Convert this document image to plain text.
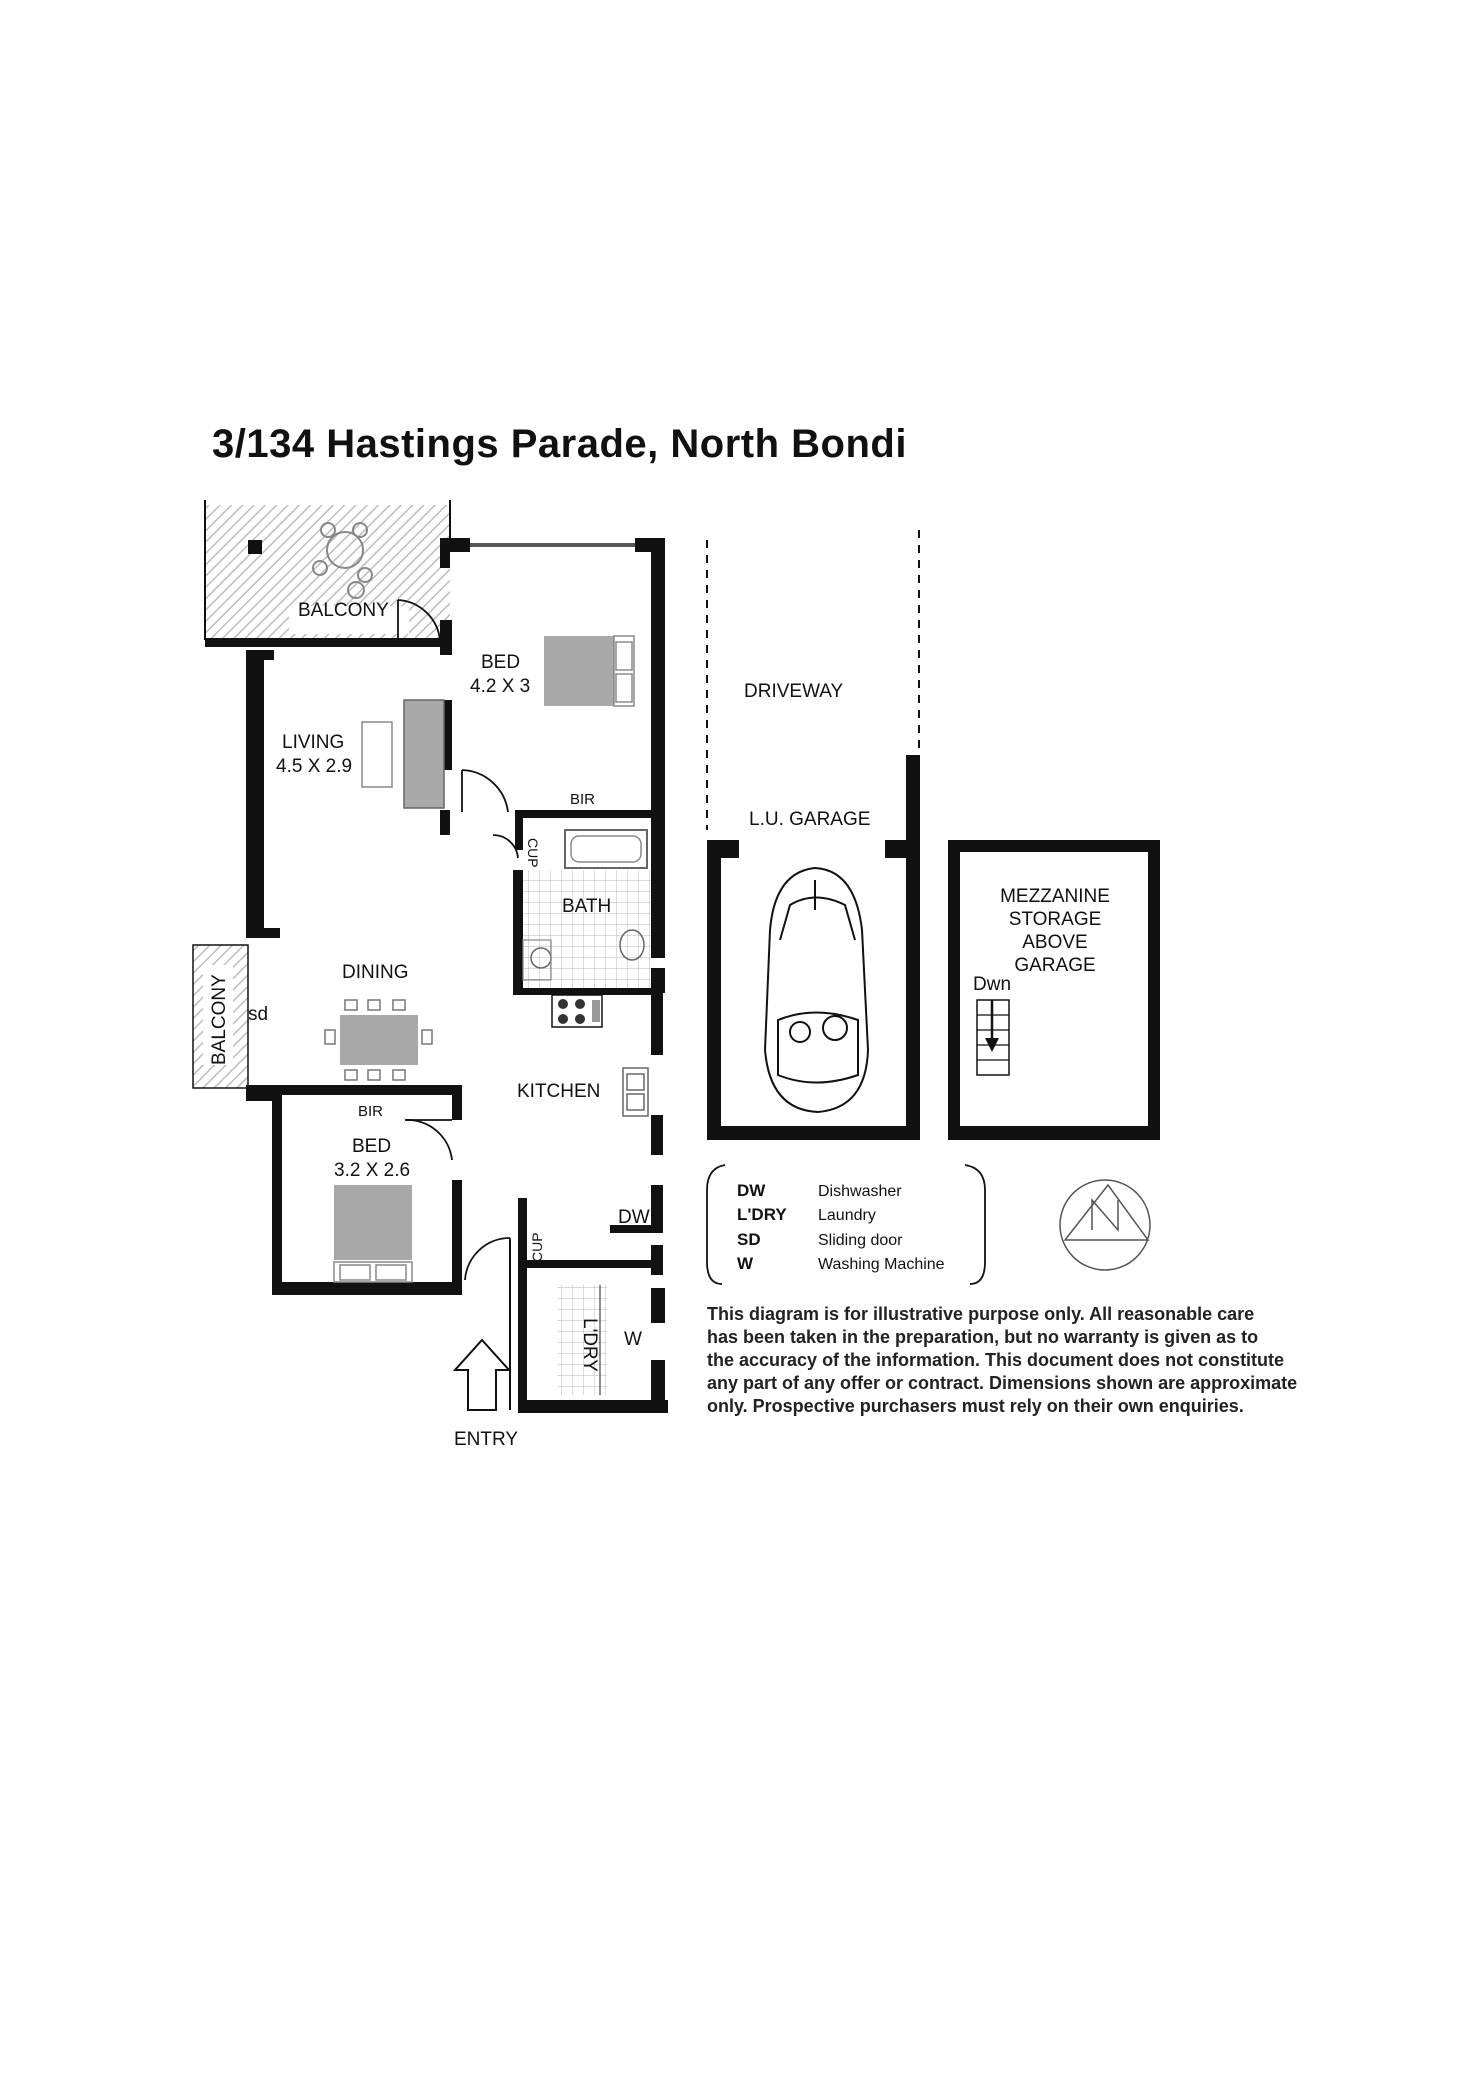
3/134 Hastings Parade, North Bondi
BALCONY
BALCONY sd
BED
4.2 X 3
BIR
LIVING
4.5 X 2.9
CUP
BATH
DINING
KITCHEN
BIR
BED
3.2 X 2.6
CUP
DW
L'DRY W
ENTRY
DRIVEWAY
L.U. GARAGE
MEZZANINE
STORAGE
ABOVE
GARAGE
Dwn
DW	Dishwasher
L'DRY Laundry
SD	Sliding door
W	Washing Machine
This diagram is for illustrative purpose only. All reasonable care
has been taken in the preparation, but no warranty is given as to
the accuracy of the information. This document does not constitute
any part of any offer or contract. Dimensions shown are approximate
only. Prospective purchasers must rely on their own enquiries.
